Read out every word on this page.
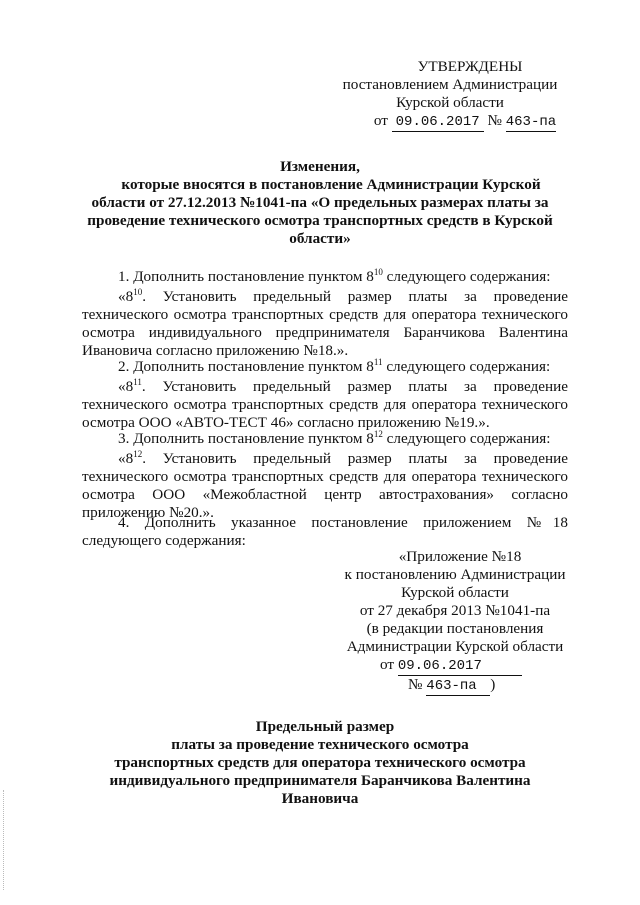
УТВЕРЖДЕНЫ
постановлением Администрации
Курской области
от 09.06.2017 № 463-па
Изменения,
которые вносятся в постановление Администрации Курской
области от 27.12.2013 №1041-па «О предельных размерах платы за
проведение технического осмотра транспортных средств в Курской
области»
1. Дополнить постановление пунктом $8^{10}$ следующего содержания:
«$8^{10}$. Установить предельный размер платы за проведение
технического осмотра транспортных средств для оператора технического
осмотра индивидуального предпринимателя Баранчикова Валентина
Ивановича согласно приложению №18.».
2. Дополнить постановление пунктом $8^{11}$ следующего содержания:
«$8^{11}$. Установить предельный размер платы за проведение
технического осмотра транспортных средств для оператора технического
осмотра ООО «АВТО-ТЕСТ 46» согласно приложению №19.».
3. Дополнить постановление пунктом $8^{12}$ следующего содержания:
«$8^{12}$. Установить предельный размер платы за проведение
технического осмотра транспортных средств для оператора технического
осмотра ООО «Межобластной центр автострахования» согласно
приложению №20.».
4. Дополнить указанное постановление приложением №18
следующего содержания:
«Приложение №18
к постановлению Администрации
Курской области
от 27 декабря 2013 №1041-па
(в редакции постановления
Администрации Курской области
от 09.06.2017
№ 463-па )
Предельный размер
платы за проведение технического осмотра
транспортных средств для оператора технического осмотра
индивидуального предпринимателя Баранчикова Валентина
Ивановича
